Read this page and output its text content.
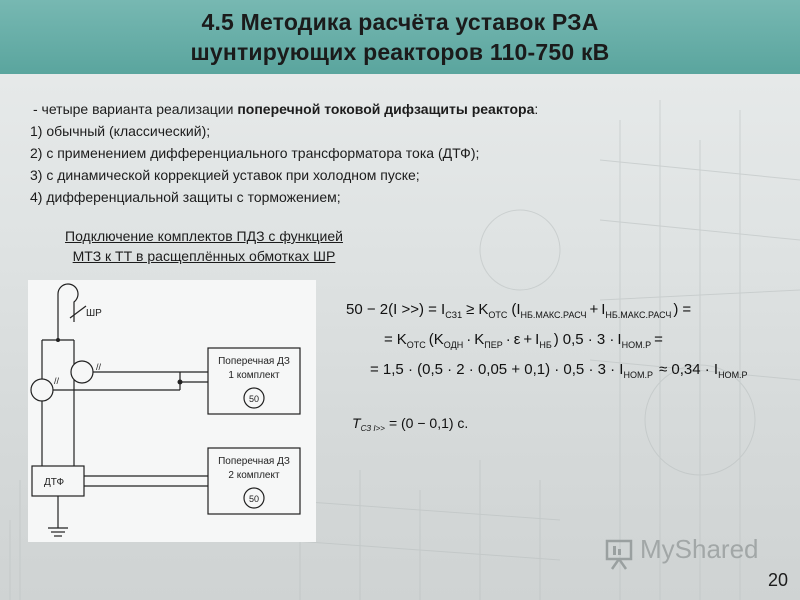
4.5 Методика расчёта уставок РЗА
шунтирующих реакторов 110-750 кВ
- четыре варианта реализации поперечной токовой дифзащиты реактора:
1) обычный (классический);
2) с применением дифференциального трансформатора тока (ДТФ);
3) с динамической коррекцией уставок при холодном пуске;
4) дифференциальной защиты с торможением;
Подключение комплектов ПДЗ с функцией
МТЗ к ТТ в расщеплённых обмотках ШР
ШР
//
//
ДТФ
Поперечная ДЗ
1 комплект
50
Поперечная ДЗ
2 комплект
50
50 − 2(I >>) = $I_{СЗ1} \ge K_{ОТС}$ ($I_{НБ.МАКС.РАСЧ} + I_{НБ.МАКС.РАСЧ}$ ) =
= $K_{ОТС}$ ($K_{ОДН} \cdot K_{ПЕР} \cdot \varepsilon + I_{НБ}$ ) $0,5 \cdot 3 \cdot I_{НОМ.Р}$ =
= $1,5 \cdot (0,5 \cdot 2 \cdot 0,05 + 0,1) \cdot 0,5 \cdot 3 \cdot I_{НОМ.Р} \approx 0,34 \cdot I_{НОМ.Р}$
$T_{СЗ I>>} = (0 - 0,1)$ с.
MyShared
20
